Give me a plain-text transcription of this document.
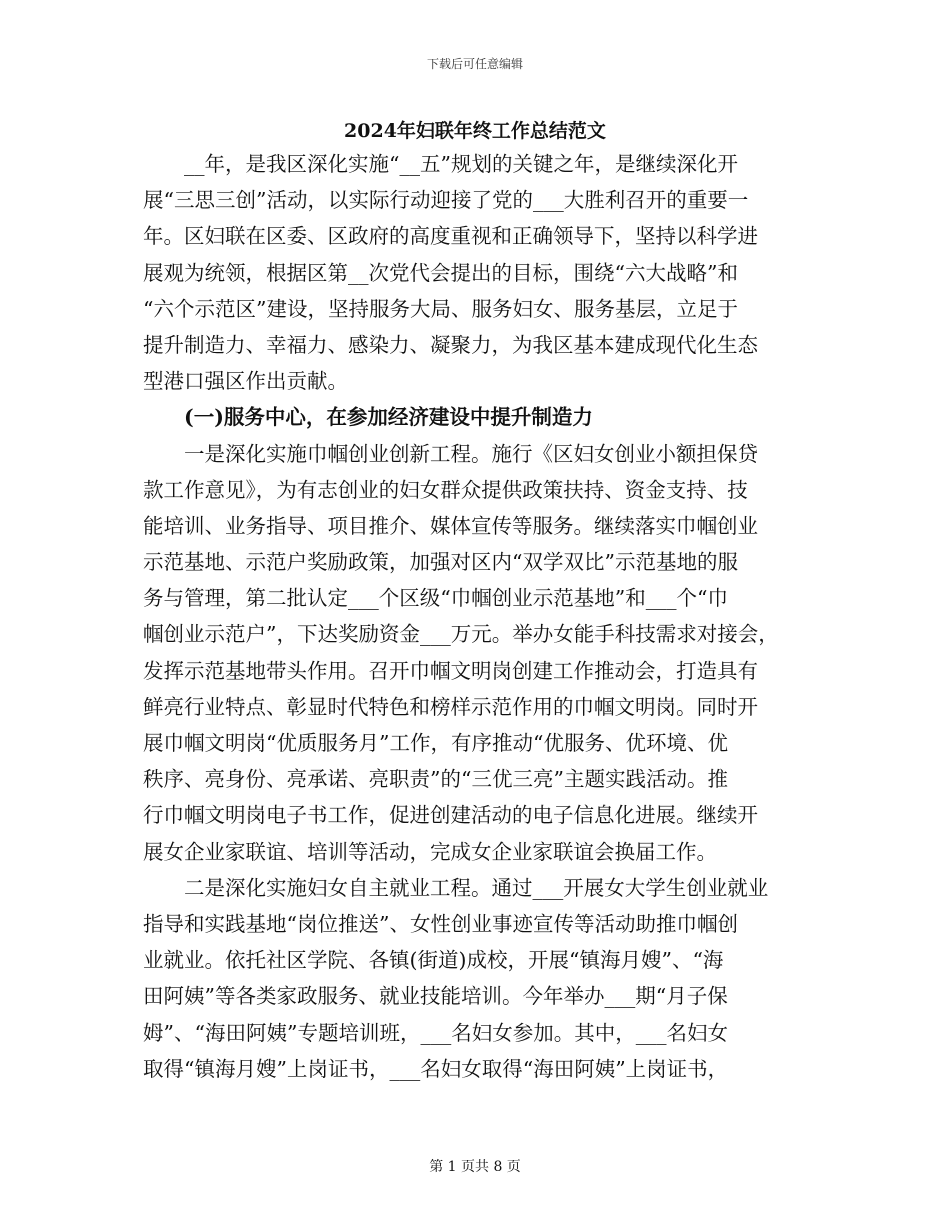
下载后可任意编辑
2024年妇联年终工作总结范文
　　__年，是我区深化实施“__五”规划的关键之年，是继续深化开
展“三思三创”活动，以实际行动迎接了党的___大胜利召开的重要一
年。区妇联在区委、区政府的高度重视和正确领导下，坚持以科学进
展观为统领，根据区第__次党代会提出的目标，围绕“六大战略”和
“六个示范区”建设，坚持服务大局、服务妇女、服务基层，立足于
提升制造力、幸福力、感染力、凝聚力，为我区基本建成现代化生态
型港口强区作出贡献。
　　(一)服务中心，在参加经济建设中提升制造力
　　一是深化实施巾帼创业创新工程。施行《区妇女创业小额担保贷
款工作意见》，为有志创业的妇女群众提供政策扶持、资金支持、技
能培训、业务指导、项目推介、媒体宣传等服务。继续落实巾帼创业
示范基地、示范户奖励政策，加强对区内“双学双比”示范基地的服
务与管理，第二批认定___个区级“巾帼创业示范基地”和___个“巾
帼创业示范户”，下达奖励资金___万元。举办女能手科技需求对接会，
发挥示范基地带头作用。召开巾帼文明岗创建工作推动会，打造具有
鲜亮行业特点、彰显时代特色和榜样示范作用的巾帼文明岗。同时开
展巾帼文明岗“优质服务月”工作，有序推动“优服务、优环境、优
秩序、亮身份、亮承诺、亮职责”的“三优三亮”主题实践活动。推
行巾帼文明岗电子书工作，促进创建活动的电子信息化进展。继续开
展女企业家联谊、培训等活动，完成女企业家联谊会换届工作。
　　二是深化实施妇女自主就业工程。通过___开展女大学生创业就业
指导和实践基地“岗位推送”、女性创业事迹宣传等活动助推巾帼创
业就业。依托社区学院、各镇(街道)成校，开展“镇海月嫂”、“海
田阿姨”等各类家政服务、就业技能培训。今年举办___期“月子保
姆”、“海田阿姨”专题培训班，___名妇女参加。其中，___名妇女
取得“镇海月嫂”上岗证书，___名妇女取得“海田阿姨”上岗证书，
第 1 页共 8 页
